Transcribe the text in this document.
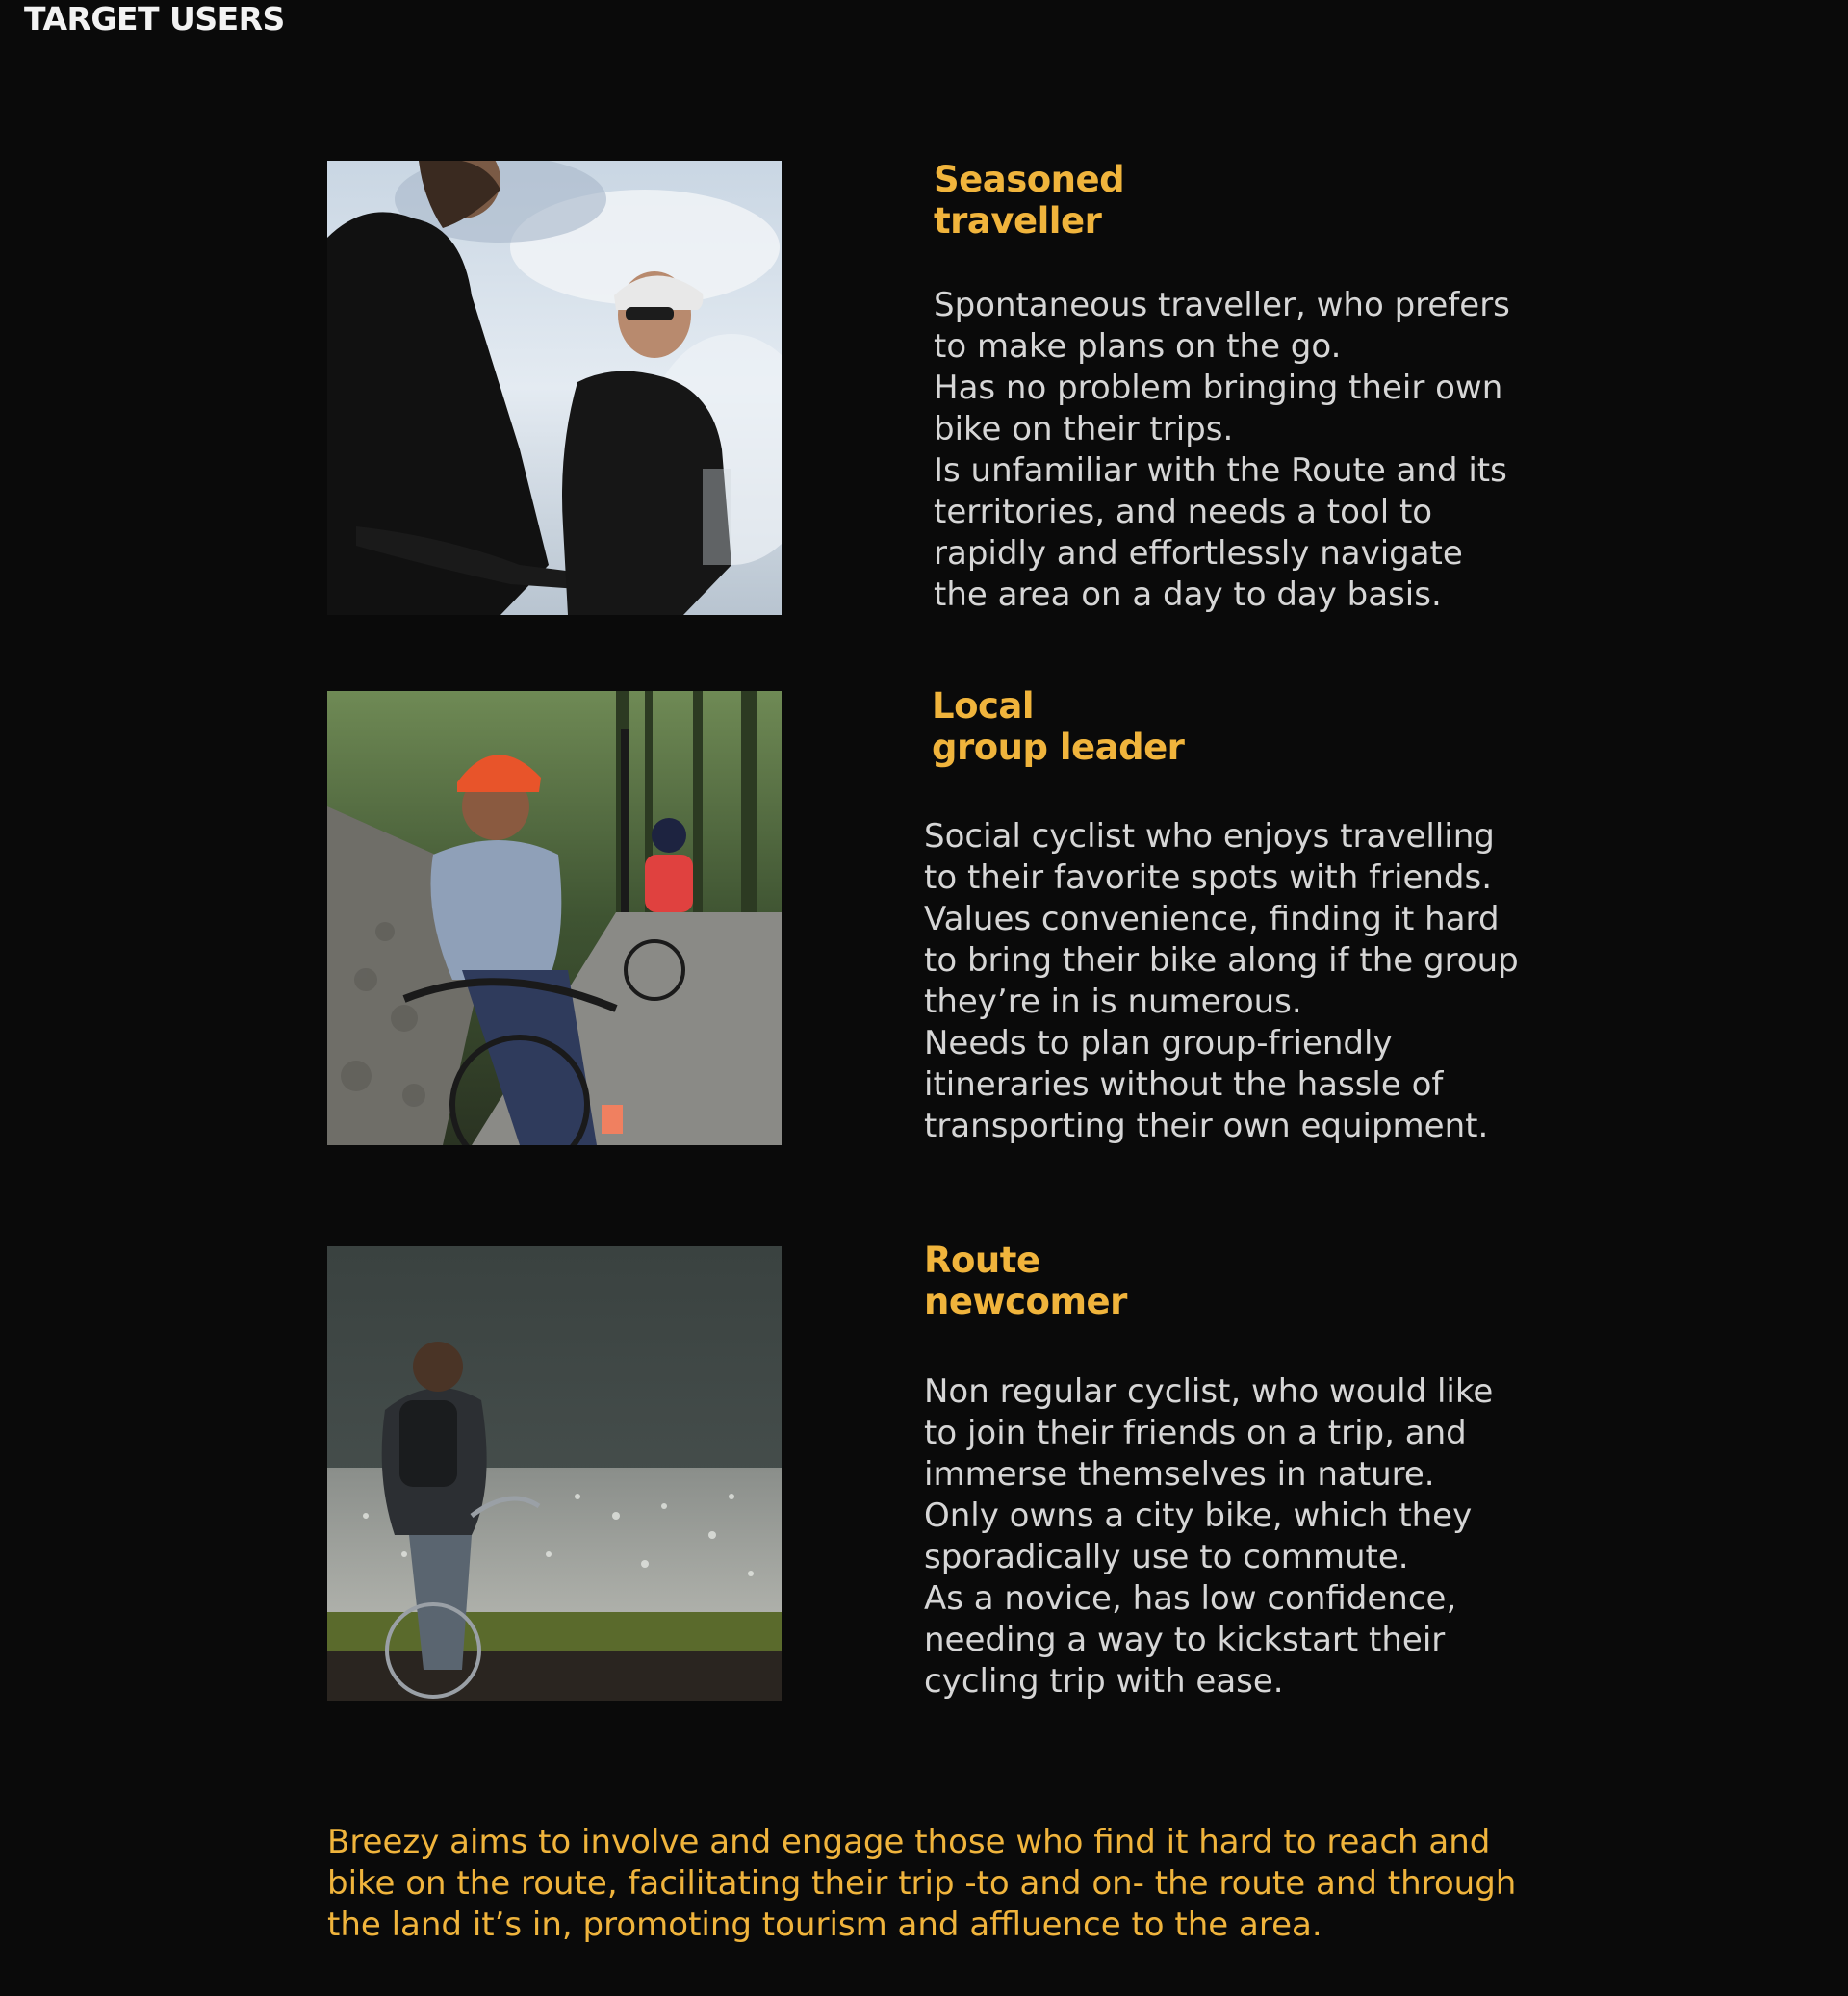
TARGET USERS
Seasoned
traveller

Spontaneous traveller, who prefers
to make plans on the go.
Has no problem bringing their own
bike on their trips.
Is unfamiliar with the Route and its
territories, and needs a tool to
rapidly and effortlessly navigate
the area on a day to day basis.

Local
group leader

Social cyclist who enjoys travelling
to their favorite spots with friends.
Values convenience, finding it hard
to bring their bike along if the group
they’re in is numerous.
Needs to plan group-friendly
itineraries without the hassle of
transporting their own equipment.

Route
newcomer

Non regular cyclist, who would like
to join their friends on a trip, and
immerse themselves in nature.
Only owns a city bike, which they
sporadically use to commute.
As a novice, has low confidence,
needing a way to kickstart their
cycling trip with ease.

Breezy aims to involve and engage those who find it hard to reach and
bike on the route, facilitating their trip -to and on- the route and through
the land it’s in, promoting tourism and affluence to the area.
